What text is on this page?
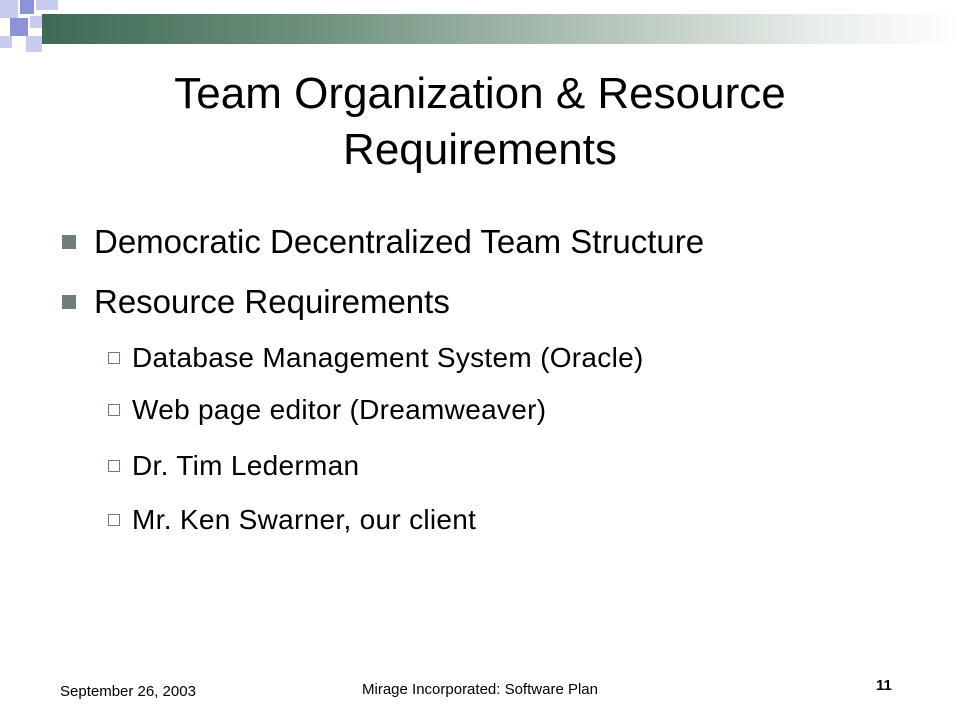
Team Organization & Resource Requirements
Democratic Decentralized Team Structure
Resource Requirements
Database Management System (Oracle)
Web page editor (Dreamweaver)
Dr. Tim Lederman
Mr. Ken Swarner, our client
September 26, 2003	Mirage Incorporated: Software Plan	11
